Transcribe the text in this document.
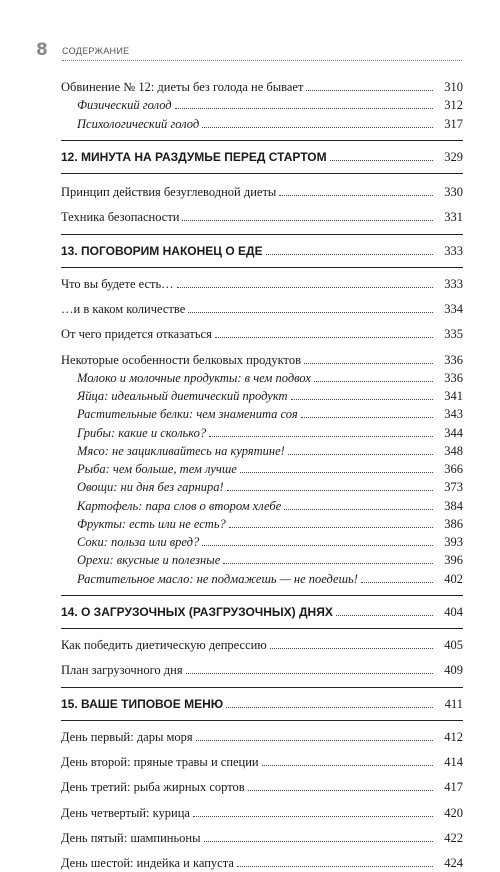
8 СОДЕРЖАНИЕ
Обвинение № 12: диеты без голода не бывает	310
Физический голод	312
Психологический голод	317
12. МИНУТА НА РАЗДУМЬЕ ПЕРЕД СТАРТОМ	329
Принцип действия безуглеводной диеты	330
Техника безопасности	331
13. ПОГОВОРИМ НАКОНЕЦ О ЕДЕ	333
Что вы будете есть…	333
…и в каком количестве	334
От чего придется отказаться	335
Некоторые особенности белковых продуктов	336
Молоко и молочные продукты: в чем подвох	336
Яйца: идеальный диетический продукт	341
Растительные белки: чем знаменита соя	343
Грибы: какие и сколько?	344
Мясо: не зацикливайтесь на курятине!	348
Рыба: чем больше, тем лучше	366
Овощи: ни дня без гарнира!	373
Картофель: пара слов о втором хлебе	384
Фрукты: есть или не есть?	386
Соки: польза или вред?	393
Орехи: вкусные и полезные	396
Растительное масло: не подмажешь — не поедешь!	402
14. О ЗАГРУЗОЧНЫХ (РАЗГРУЗОЧНЫХ) ДНЯХ	404
Как победить диетическую депрессию	405
План загрузочного дня	409
15. ВАШЕ ТИПОВОЕ МЕНЮ	411
День первый: дары моря	412
День второй: пряные травы и специи	414
День третий: рыба жирных сортов	417
День четвертый: курица	420
День пятый: шампиньоны	422
День шестой: индейка и капуста	424
